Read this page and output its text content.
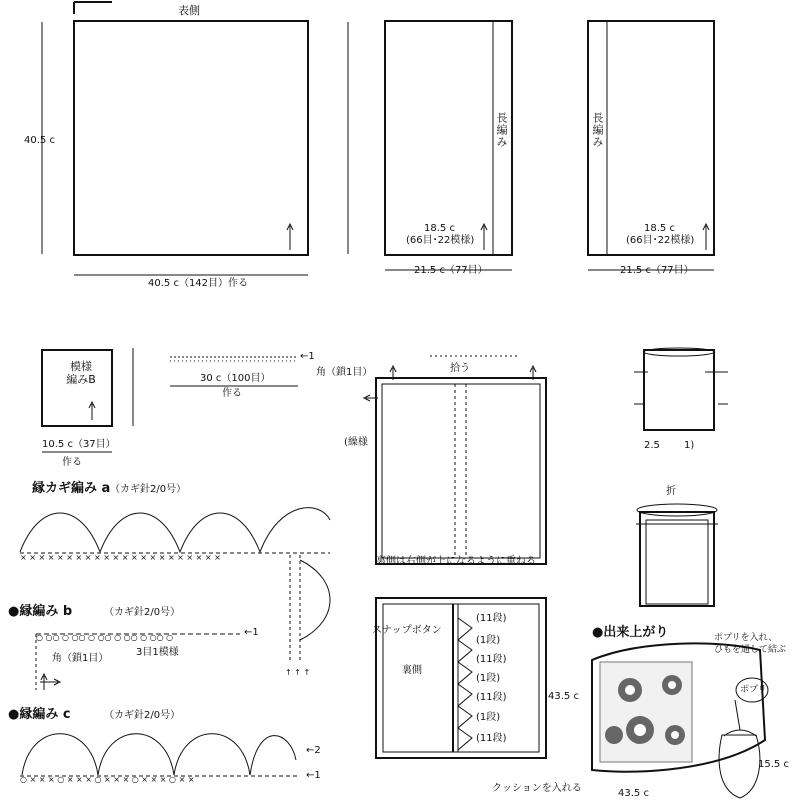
× × × × × × × × × × × × × × × × × × × × × ×
○ ○○ ○ ○○ ○ ○○ ○ ○○ ○ ○○ ○
○ × × × ○ × × × ○ × × × ○ × × × ○ × ×
↑ ↑ ↑
表側
40.5 c
40.5 c（142目）作る
長編み
18.5 c
(66目･22模様)
21.5 c（77目）
長編み
18.5 c
(66目･22模様)
21.5 c（77目）
模様編みB
10.5 c（37目）
作る
←1
30 c（100目）
作る
拾う
角（鎖1目）
(繰様
裏側は右側が上になるように重ねる
2.5 1)
折
縁カギ編み a （カギ針2/0号）
●縁編み b	（カギ針2/0号）
←1
角（鎖1目）
3目1模様
●縁編み c	（カギ針2/0号）
←2
←1
スナップボタン
裏側
(11段)
(1段)
(11段)
(1段)
(11段)
(1段)
(11段)
●出来上がり
43.5 c
43.5 c
ポプリを入れ、
ひもを通して結ぶ
ポプリ
クッションを入れる
15.5 c
